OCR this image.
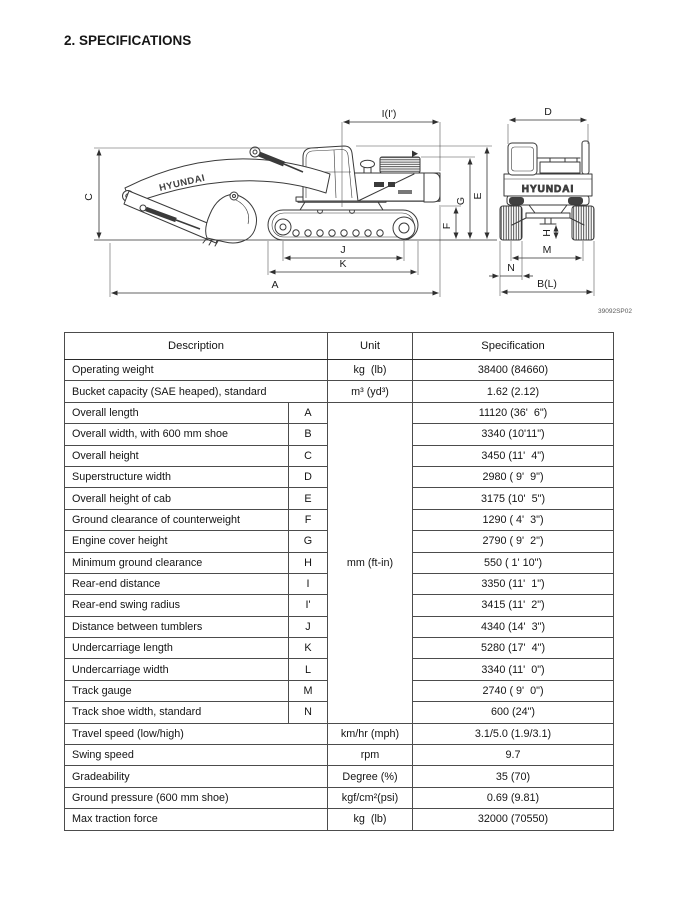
2. SPECIFICATIONS
HYUNDAI
C
I(I')
A
J
K
F
G
E
HYUNDAI
D
H
M
N
B(L)
39092SP02
Description		Unit	Specification
Operating weight		kg  (lb)	38400 (84660)
Bucket capacity (SAE heaped), standard		m³ (yd³)	1.62 (2.12)
Overall length	A	mm (ft-in)	11120 (36'  6")
Overall width, with 600 mm shoe	B		3340 (10'11")
Overall height	C		3450 (11'  4")
Superstructure width	D		2980 ( 9'  9")
Overall height of cab	E		3175 (10'  5")
Ground clearance of counterweight	F		1290 ( 4'  3")
Engine cover height	G		2790 ( 9'  2")
Minimum ground clearance	H		550 ( 1' 10")
Rear-end distance	I		3350 (11'  1")
Rear-end swing radius	I'		3415 (11'  2")
Distance between tumblers	J		4340 (14'  3")
Undercarriage length	K		5280 (17'  4")
Undercarriage width	L		3340 (11'  0")
Track gauge	M		2740 ( 9'  0")
Track shoe width, standard	N		600 (24")
Travel speed (low/high)		km/hr (mph)	3.1/5.0 (1.9/3.1)
Swing speed		rpm	9.7
Gradeability		Degree (%)	35 (70)
Ground pressure (600 mm shoe)		kgf/cm²(psi)	0.69 (9.81)
Max traction force		kg  (lb)	32000 (70550)
